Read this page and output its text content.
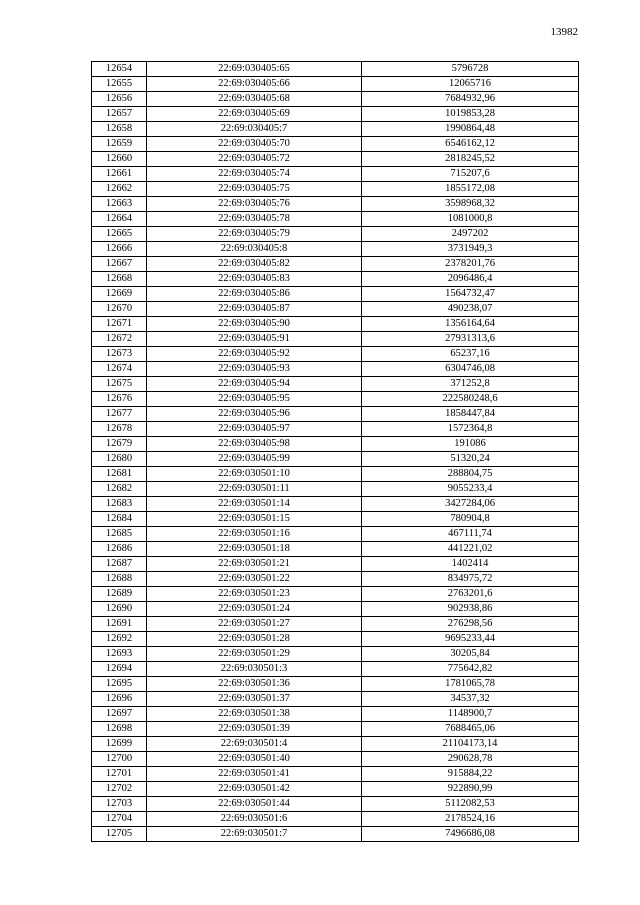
13982
12654	22:69:030405:65	5796728
12655	22:69:030405:66	12065716
12656	22:69:030405:68	7684932,96
12657	22:69:030405:69	1019853,28
12658	22:69:030405:7	1990864,48
12659	22:69:030405:70	6546162,12
12660	22:69:030405:72	2818245,52
12661	22:69:030405:74	715207,6
12662	22:69:030405:75	1855172,08
12663	22:69:030405:76	3598968,32
12664	22:69:030405:78	1081000,8
12665	22:69:030405:79	2497202
12666	22:69:030405:8	3731949,3
12667	22:69:030405:82	2378201,76
12668	22:69:030405:83	2096486,4
12669	22:69:030405:86	1564732,47
12670	22:69:030405:87	490238,07
12671	22:69:030405:90	1356164,64
12672	22:69:030405:91	27931313,6
12673	22:69:030405:92	65237,16
12674	22:69:030405:93	6304746,08
12675	22:69:030405:94	371252,8
12676	22:69:030405:95	222580248,6
12677	22:69:030405:96	1858447,84
12678	22:69:030405:97	1572364,8
12679	22:69:030405:98	191086
12680	22:69:030405:99	51320,24
12681	22:69:030501:10	288804,75
12682	22:69:030501:11	9055233,4
12683	22:69:030501:14	3427284,06
12684	22:69:030501:15	780904,8
12685	22:69:030501:16	467111,74
12686	22:69:030501:18	441221,02
12687	22:69:030501:21	1402414
12688	22:69:030501:22	834975,72
12689	22:69:030501:23	2763201,6
12690	22:69:030501:24	902938,86
12691	22:69:030501:27	276298,56
12692	22:69:030501:28	9695233,44
12693	22:69:030501:29	30205,84
12694	22:69:030501:3	775642,82
12695	22:69:030501:36	1781065,78
12696	22:69:030501:37	34537,32
12697	22:69:030501:38	1148900,7
12698	22:69:030501:39	7688465,06
12699	22:69:030501:4	21104173,14
12700	22:69:030501:40	290628,78
12701	22:69:030501:41	915884,22
12702	22:69:030501:42	922890,99
12703	22:69:030501:44	5112082,53
12704	22:69:030501:6	2178524,16
12705	22:69:030501:7	7496686,08
